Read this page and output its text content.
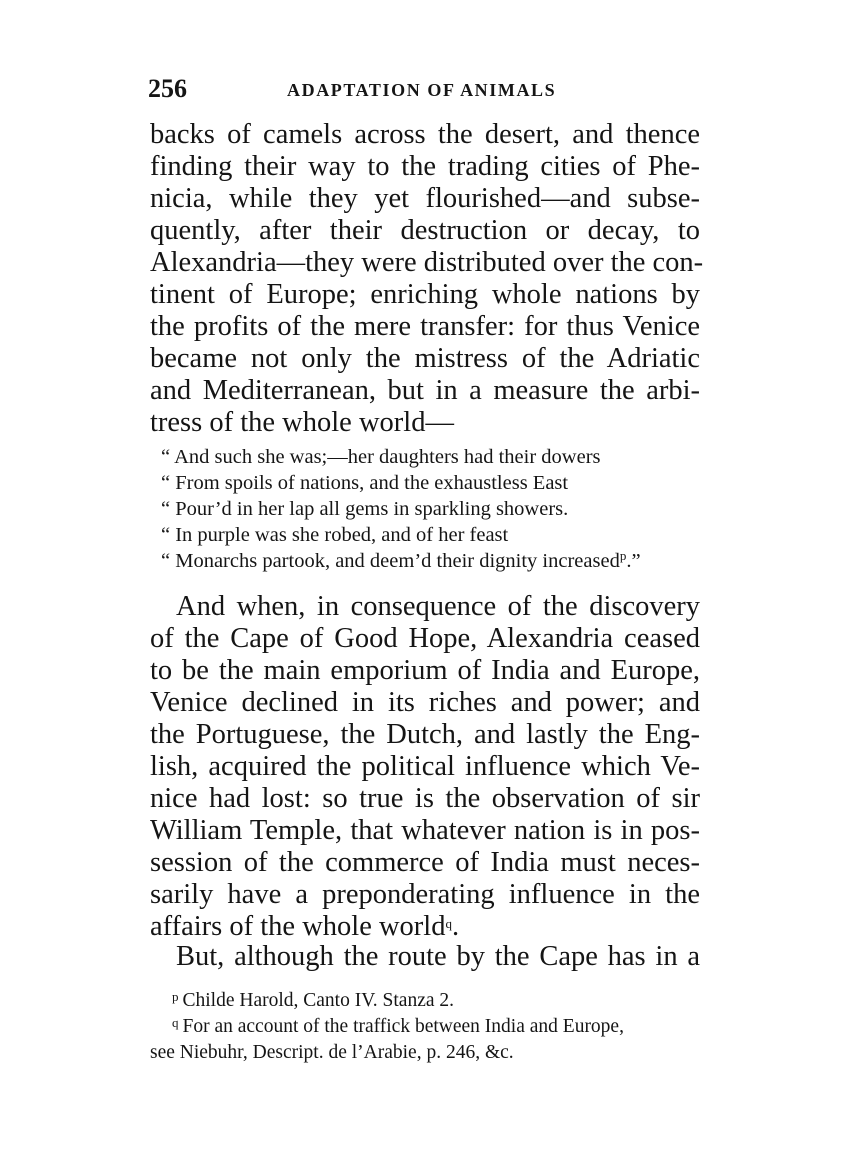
256	ADAPTATION OF ANIMALS
backs of camels across the desert, and thence
finding their way to the trading cities of Phe-
nicia, while they yet flourished—and subse-
quently, after their destruction or decay, to
Alexandria—they were distributed over the con-
tinent of Europe; enriching whole nations by
the profits of the mere transfer: for thus Venice
became not only the mistress of the Adriatic
and Mediterranean, but in a measure the arbi-
tress of the whole world—
“ And such she was;—her daughters had their dowers
“ From spoils of nations, and the exhaustless East
“ Pour’d in her lap all gems in sparkling showers.
“ In purple was she robed, and of her feast
“ Monarchs partook, and deem’d their dignity increased$^p$.”
And when, in consequence of the discovery
of the Cape of Good Hope, Alexandria ceased
to be the main emporium of India and Europe,
Venice declined in its riches and power; and
the Portuguese, the Dutch, and lastly the Eng-
lish, acquired the political influence which Ve-
nice had lost: so true is the observation of sir
William Temple, that whatever nation is in pos-
session of the commerce of India must neces-
sarily have a preponderating influence in the
affairs of the whole world$^q$.
But, although the route by the Cape has in a
$^p$ Childe Harold, Canto IV. Stanza 2.
$^q$ For an account of the traffick between India and Europe,
see Niebuhr, Descript. de l’Arabie, p. 246, &c.
